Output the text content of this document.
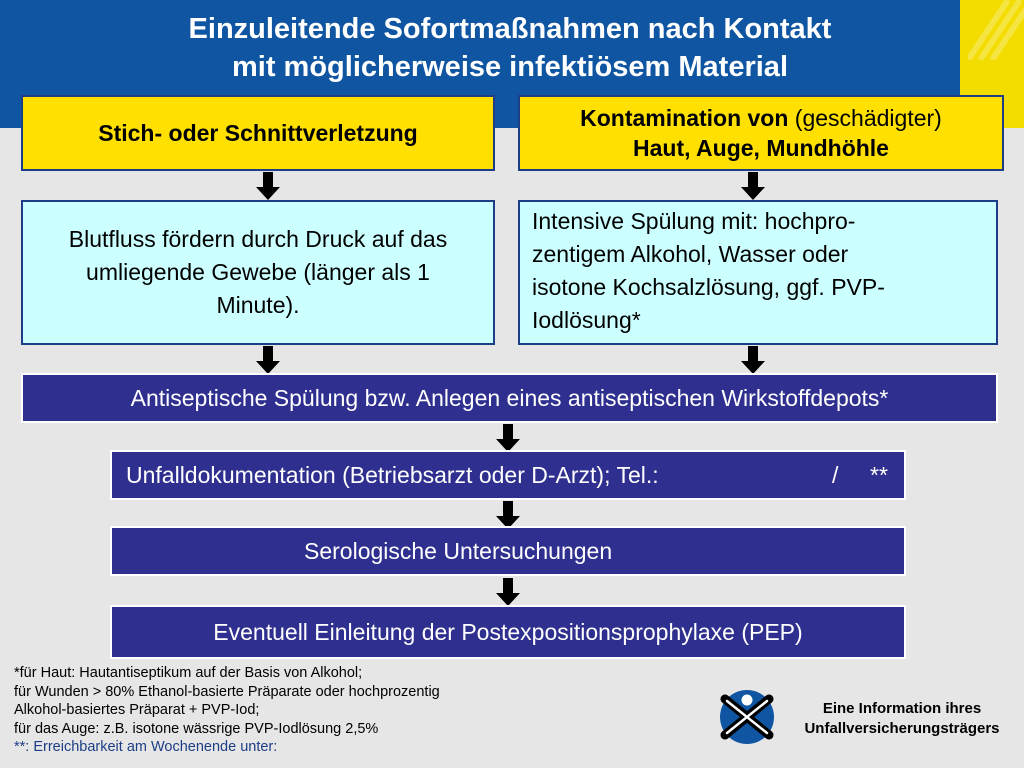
Einzuleitende Sofortmaßnahmen nach Kontakt
mit möglicherweise infektiösem Material
Stich- oder Schnittverletzung
Kontamination von (geschädigter)
Haut, Auge, Mundhöhle
Blutfluss fördern durch Druck auf das umliegende Gewebe (länger als 1 Minute).
Intensive Spülung mit: hochpro-
zentigem Alkohol, Wasser oder
isotone Kochsalzlösung, ggf. PVP-
Iodlösung*
Antiseptische Spülung bzw. Anlegen eines antiseptischen Wirkstoffdepots*
Unfalldokumentation (Betriebsarzt oder D-Arzt); Tel.:	/ **
Serologische Untersuchungen
Eventuell Einleitung der Postexpositionsprophylaxe (PEP)
*für Haut: Hautantiseptikum auf der Basis von Alkohol;
für Wunden > 80% Ethanol-basierte Präparate oder hochprozentig
Alkohol-basiertes Präparat + PVP-Iod;
für das Auge: z.B. isotone wässrige PVP-Iodlösung 2,5%
**: Erreichbarkeit am Wochenende unter:
Eine Information ihres
Unfallversicherungsträgers
